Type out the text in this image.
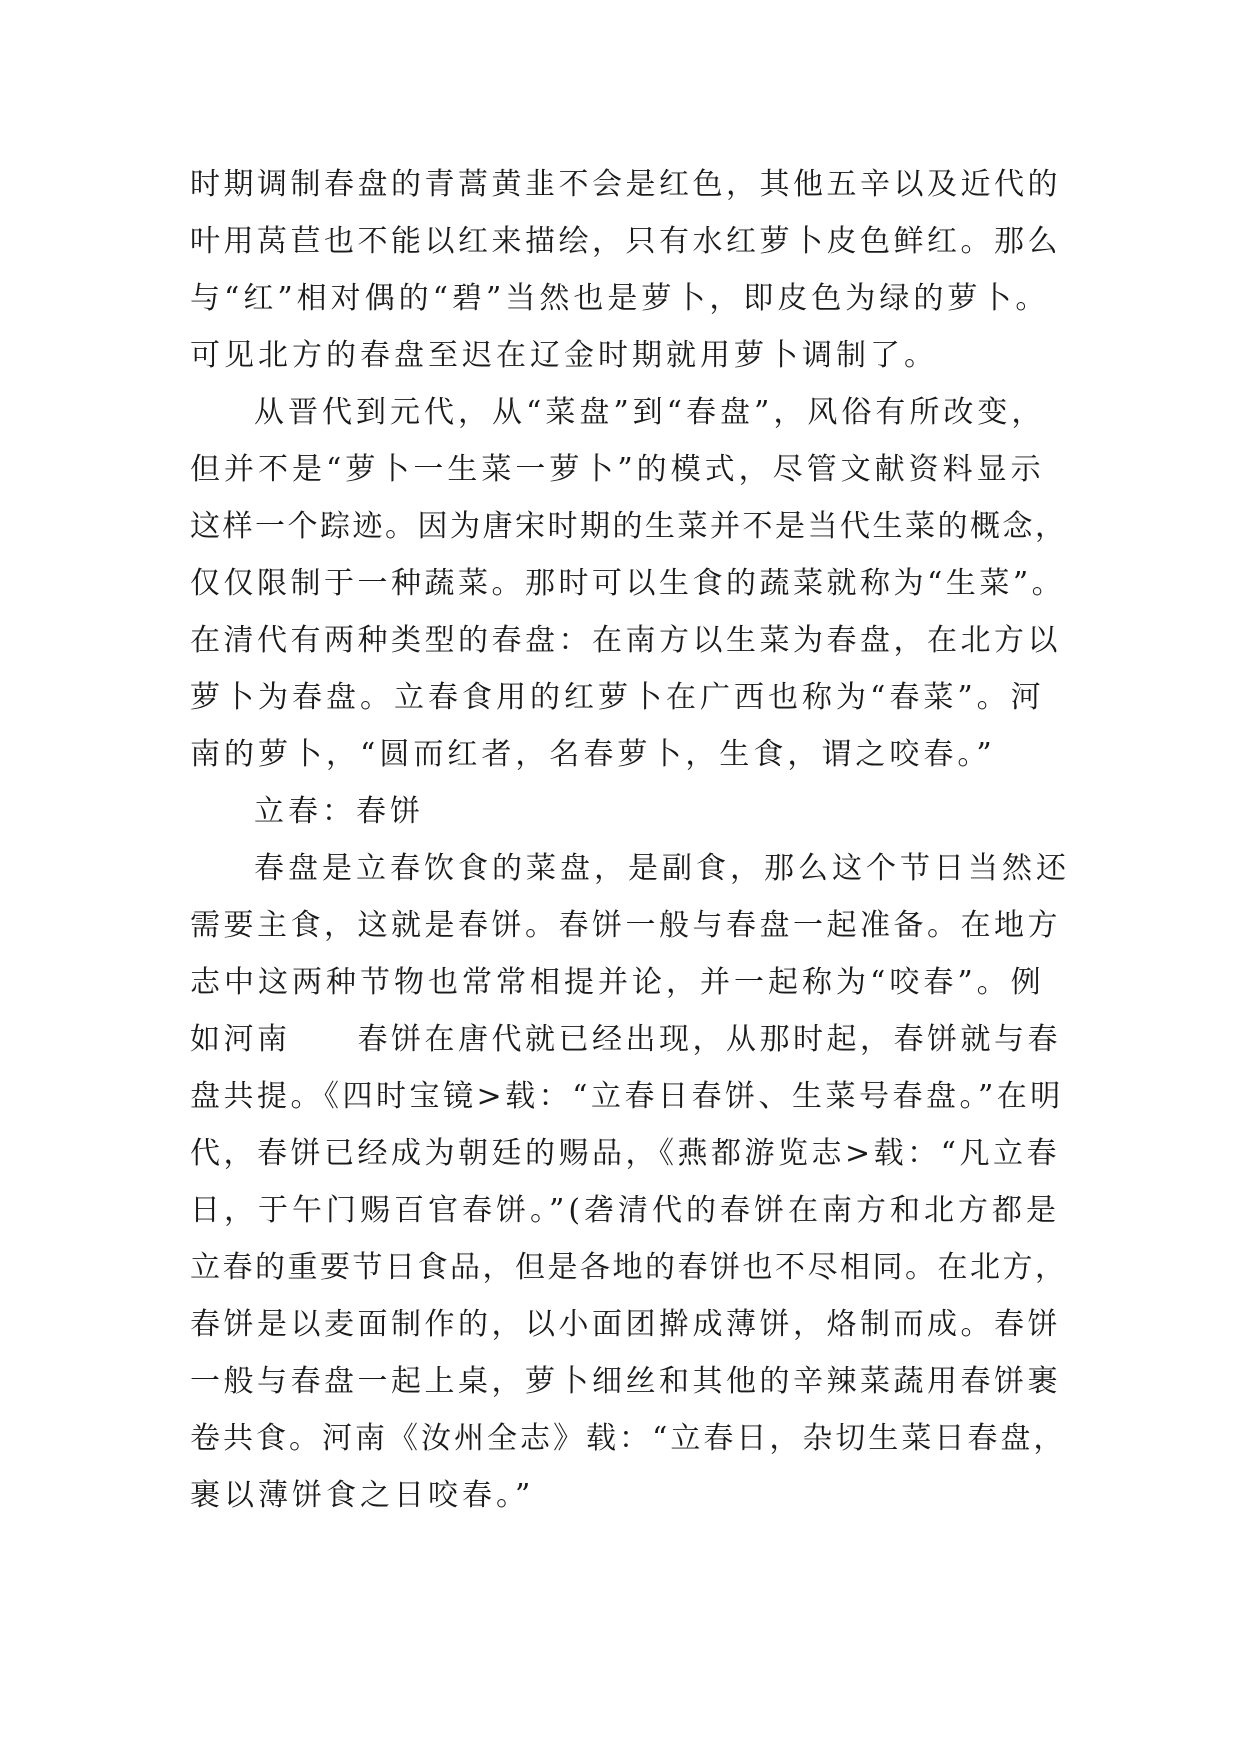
时期调制春盘的青蒿黄韭不会是红色，其他五辛以及近代的
叶用莴苣也不能以红来描绘，只有水红萝卜皮色鲜红。那么
与“红”相对偶的“碧”当然也是萝卜，即皮色为绿的萝卜。
可见北方的春盘至迟在辽金时期就用萝卜调制了。
从晋代到元代，从“菜盘”到“春盘”，风俗有所改变，
但并不是“萝卜一生菜一萝卜”的模式，尽管文献资料显示
这样一个踪迹。因为唐宋时期的生菜并不是当代生菜的概念，
仅仅限制于一种蔬菜。那时可以生食的蔬菜就称为“生菜”。
在清代有两种类型的春盘：在南方以生菜为春盘，在北方以
萝卜为春盘。立春食用的红萝卜在广西也称为“春菜”。河
南的萝卜，“圆而红者，名春萝卜，生食，谓之咬春。”
立春：春饼
春盘是立春饮食的菜盘，是副食，那么这个节日当然还
需要主食，这就是春饼。春饼一般与春盘一起准备。在地方
志中这两种节物也常常相提并论，并一起称为“咬春”。例
如河南　　春饼在唐代就已经出现，从那时起，春饼就与春
盘共提。《四时宝镜>载：“立春日春饼、生菜号春盘。”在明
代，春饼已经成为朝廷的赐品，《燕都游览志>载：“凡立春
日，于午门赐百官春饼。”(砻清代的春饼在南方和北方都是
立春的重要节日食品，但是各地的春饼也不尽相同。在北方，
春饼是以麦面制作的，以小面团擀成薄饼，烙制而成。春饼
一般与春盘一起上桌，萝卜细丝和其他的辛辣菜蔬用春饼裹
卷共食。河南《汝州全志》载：“立春日，杂切生菜日春盘，
裹以薄饼食之日咬春。”
